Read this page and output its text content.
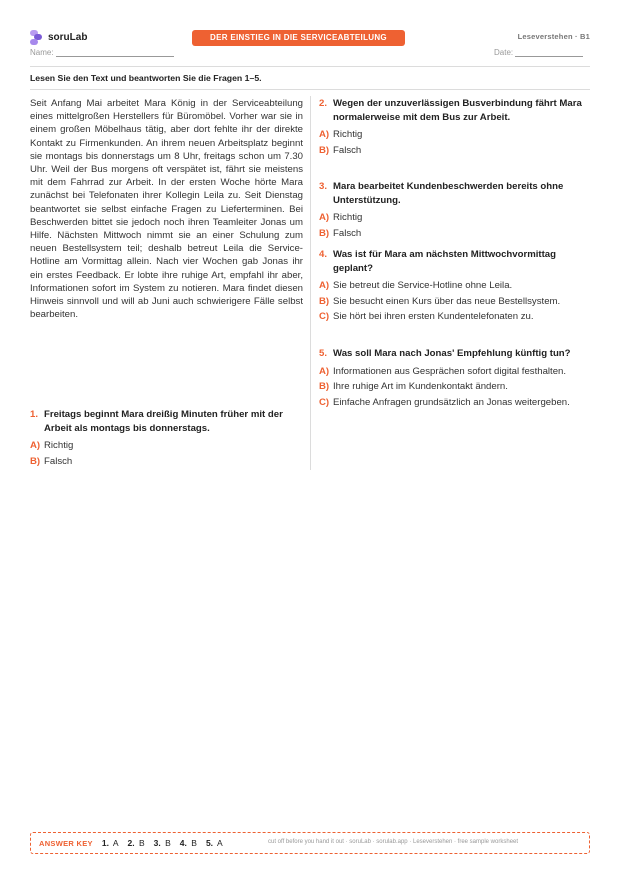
soruLab	DER EINSTIEG IN DIE SERVICEABTEILUNG	Leseverstehen · B1
Name:	Date:
Lesen Sie den Text und beantworten Sie die Fragen 1–5.
Seit Anfang Mai arbeitet Mara König in der Serviceabteilung eines mittelgroßen Herstellers für Büromöbel. Vorher war sie in einem großen Möbelhaus tätig, aber dort fehlte ihr der direkte Kontakt zu Firmenkunden. An ihrem neuen Arbeitsplatz beginnt sie montags bis donnerstags um 8 Uhr, freitags schon um 7.30 Uhr. Weil der Bus morgens oft verspätet ist, fährt sie meistens mit dem Fahrrad zur Arbeit. In der ersten Woche hörte Mara zunächst bei Telefonaten ihrer Kollegin Leila zu. Seit Dienstag beantwortet sie selbst einfache Fragen zu Lieferterminen. Bei Beschwerden bittet sie jedoch noch ihren Teamleiter Jonas um Hilfe. Nächsten Mittwoch nimmt sie an einer Schulung zum neuen Bestellsystem teil; deshalb betreut Leila die Service-Hotline am Vormittag allein. Nach vier Wochen gab Jonas ihr ein erstes Feedback. Er lobte ihre ruhige Art, empfahl ihr aber, Informationen sofort im System zu notieren. Mara findet diesen Hinweis sinnvoll und will ab Juni auch schwierigere Fälle selbst bearbeiten.
1. Freitags beginnt Mara dreißig Minuten früher mit der Arbeit als montags bis donnerstags.
A) Richtig
B) Falsch
2. Wegen der unzuverlässigen Busverbindung fährt Mara normalerweise mit dem Bus zur Arbeit.
A) Richtig
B) Falsch
3. Mara bearbeitet Kundenbeschwerden bereits ohne Unterstützung.
A) Richtig
B) Falsch
4. Was ist für Mara am nächsten Mittwochvormittag geplant?
A) Sie betreut die Service-Hotline ohne Leila.
B) Sie besucht einen Kurs über das neue Bestellsystem.
C) Sie hört bei ihren ersten Kundentelefonaten zu.
5. Was soll Mara nach Jonas' Empfehlung künftig tun?
A) Informationen aus Gesprächen sofort digital festhalten.
B) Ihre ruhige Art im Kundenkontakt ändern.
C) Einfache Anfragen grundsätzlich an Jonas weitergeben.
ANSWER KEY 1. A 2. B 3. B 4. B 5. A	cut off before you hand it out · soruLab · sorulab.app · Leseverstehen · free sample worksheet
